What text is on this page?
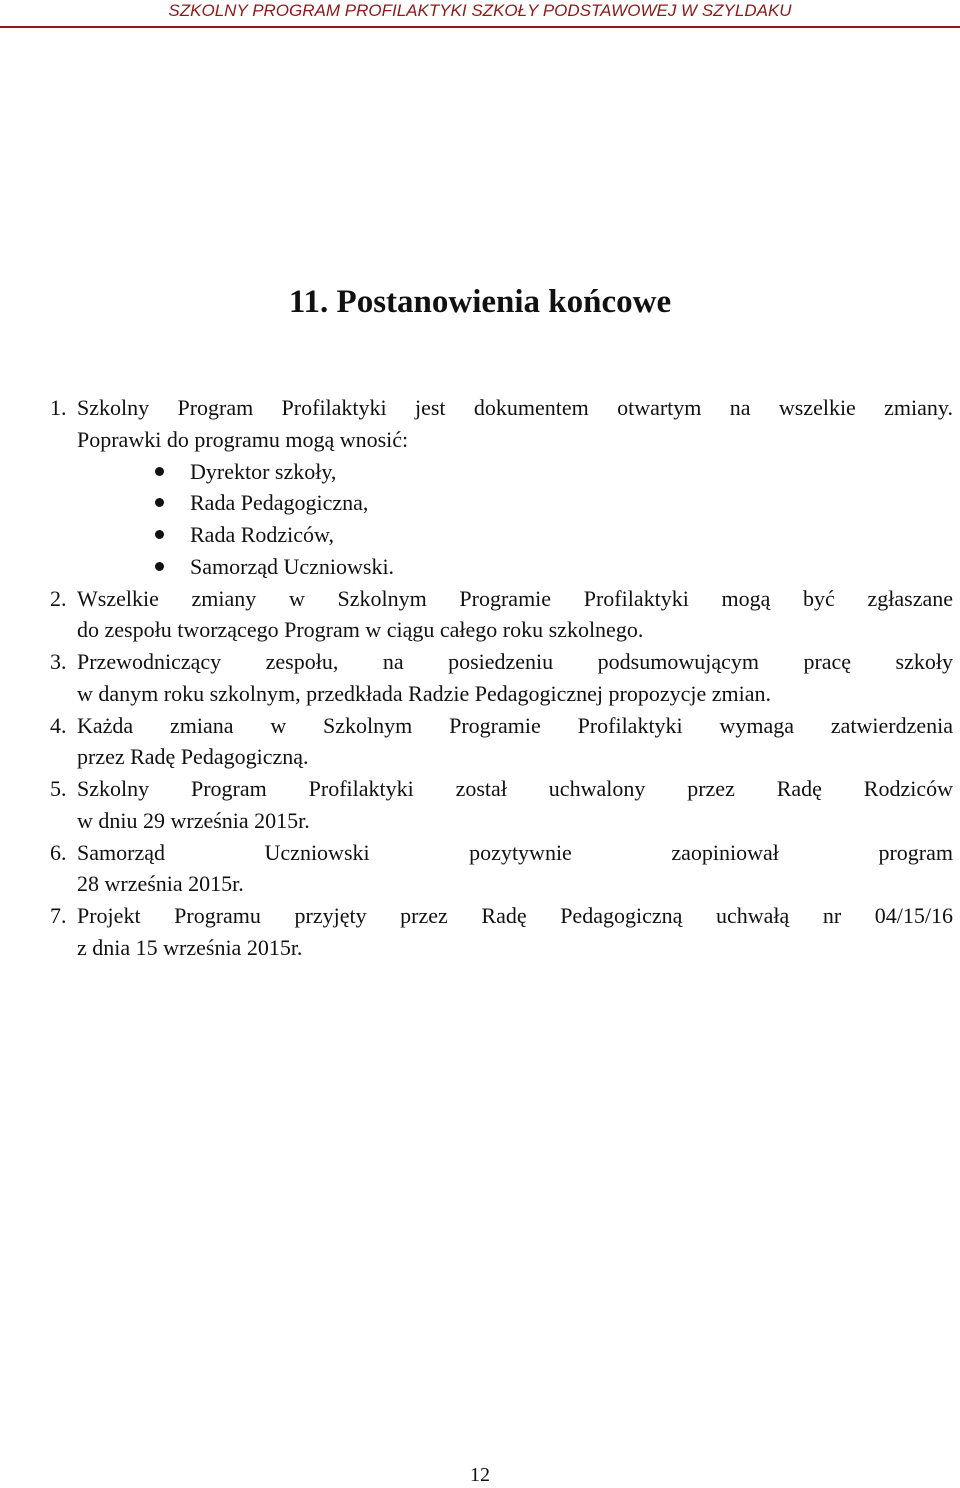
SZKOLNY PROGRAM PROFILAKTYKI SZKOŁY PODSTAWOWEJ W SZYLDAKU
11. Postanowienia końcowe
1. Szkolny Program Profilaktyki jest dokumentem otwartym na wszelkie zmiany.
Poprawki do programu mogą wnosić:
Dyrektor szkoły,
Rada Pedagogiczna,
Rada Rodziców,
Samorząd Uczniowski.
2. Wszelkie zmiany w Szkolnym Programie Profilaktyki mogą być zgłaszane
do zespołu tworzącego Program w ciągu całego roku szkolnego.
3. Przewodniczący zespołu, na posiedzeniu podsumowującym pracę szkoły
w danym roku szkolnym, przedkłada Radzie Pedagogicznej propozycje zmian.
4. Każda zmiana w Szkolnym Programie Profilaktyki wymaga zatwierdzenia
przez Radę Pedagogiczną.
5. Szkolny Program Profilaktyki został uchwalony przez Radę Rodziców
w dniu 29 września 2015r.
6. Samorząd Uczniowski pozytywnie zaopiniował program
28 września 2015r.
7. Projekt Programu przyjęty przez Radę Pedagogiczną uchwałą nr 04/15/16
z dnia 15 września 2015r.
12
